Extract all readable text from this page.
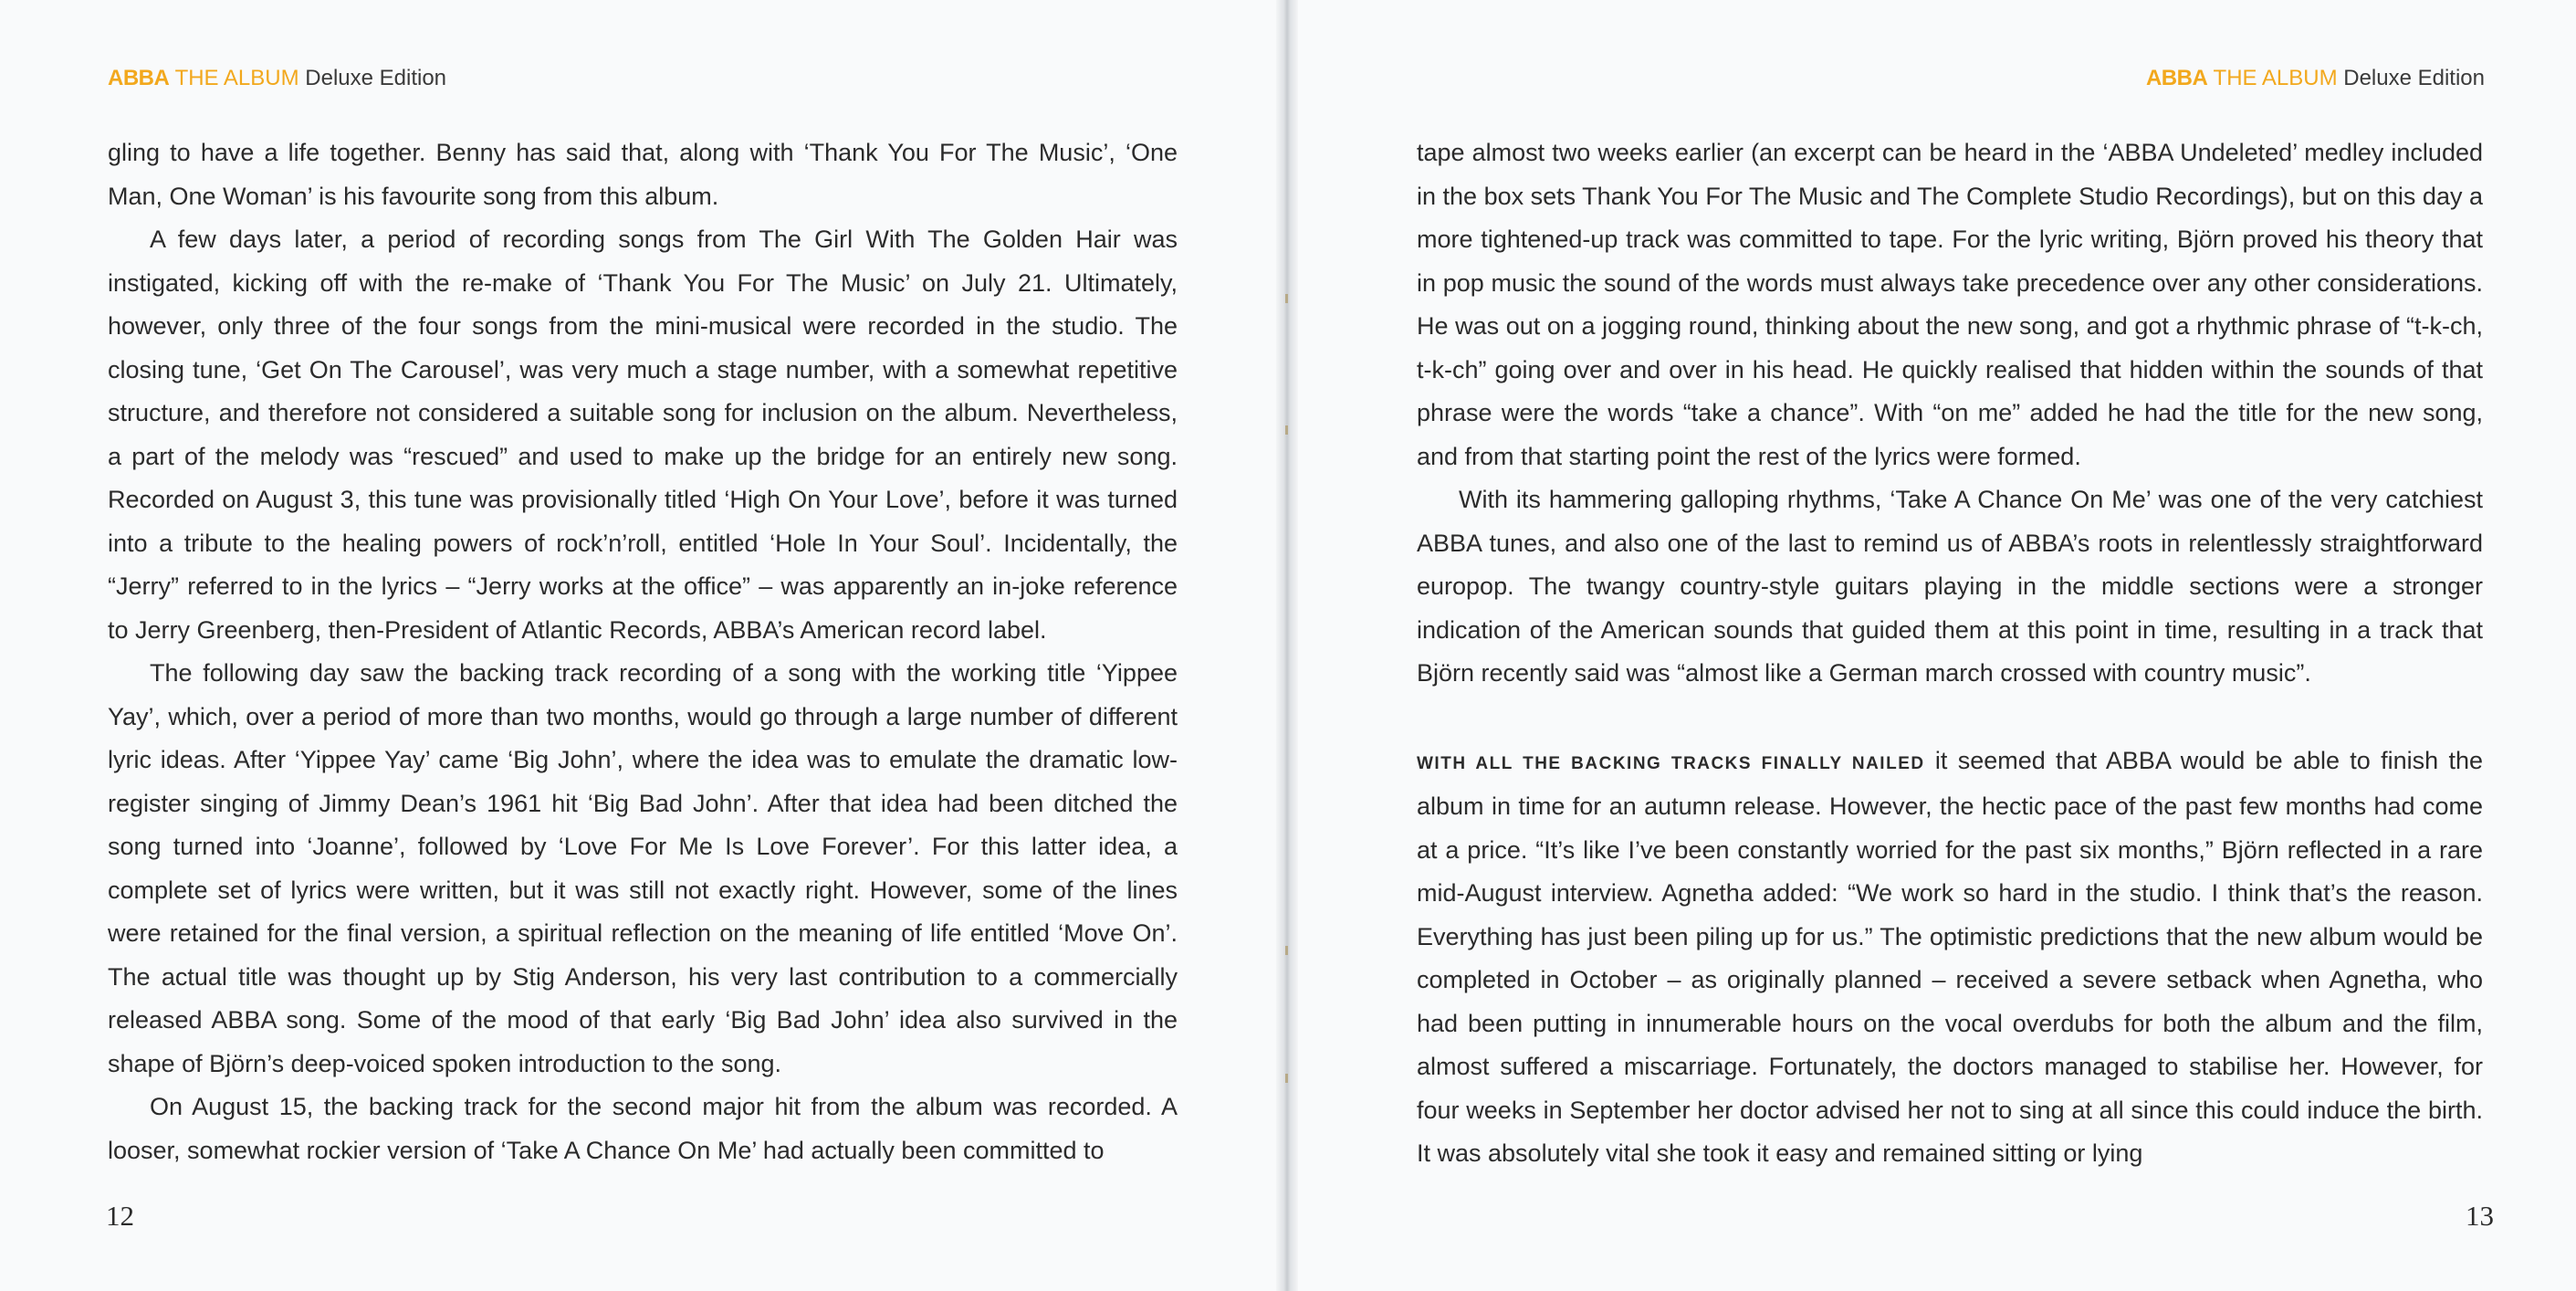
ABBA THE ALBUM Deluxe Edition

gling to have a life together. Benny has said that, along with ‘Thank You For The Music’, ‘One Man, One Woman’ is his favourite song from this album.

A few days later, a period of recording songs from The Girl With The Golden Hair was instigated, kicking off with the re-make of ‘Thank You For The Music’ on July 21. Ultimately, however, only three of the four songs from the mini-musical were recorded in the studio. The closing tune, ‘Get On The Carousel’, was very much a stage number, with a somewhat repetitive structure, and therefore not considered a suitable song for inclusion on the album. Nevertheless, a part of the melody was “rescued” and used to make up the bridge for an entirely new song. Recorded on August 3, this tune was provisionally titled ‘High On Your Love’, before it was turned into a tribute to the healing powers of rock’n’roll, entitled ‘Hole In Your Soul’. Incidentally, the “Jerry” referred to in the lyrics – “Jerry works at the office” – was apparently an in-joke reference to Jerry Greenberg, then-President of Atlantic Records, ABBA’s American record label.

The following day saw the backing track recording of a song with the working title ‘Yippee Yay’, which, over a period of more than two months, would go through a large number of different lyric ideas. After ‘Yippee Yay’ came ‘Big John’, where the idea was to emulate the dramatic low-register singing of Jimmy Dean’s 1961 hit ‘Big Bad John’. After that idea had been ditched the song turned into ‘Joanne’, followed by ‘Love For Me Is Love Forever’. For this latter idea, a complete set of lyrics were written, but it was still not exactly right. However, some of the lines were retained for the final version, a spiritual reflection on the meaning of life entitled ‘Move On’. The actual title was thought up by Stig Anderson, his very last contribution to a commercially released ABBA song. Some of the mood of that early ‘Big Bad John’ idea also survived in the shape of Björn’s deep-voiced spoken introduction to the song.

On August 15, the backing track for the second major hit from the album was recorded. A looser, somewhat rockier version of ‘Take A Chance On Me’ had actually been committed to

12
ABBA THE ALBUM Deluxe Edition

tape almost two weeks earlier (an excerpt can be heard in the ‘ABBA Undeleted’ medley included in the box sets Thank You For The Music and The Complete Studio Recordings), but on this day a more tightened-up track was committed to tape. For the lyric writing, Björn proved his theory that in pop music the sound of the words must always take precedence over any other considerations. He was out on a jogging round, thinking about the new song, and got a rhythmic phrase of “t-k-ch, t-k-ch” going over and over in his head. He quickly realised that hidden within the sounds of that phrase were the words “take a chance”. With “on me” added he had the title for the new song, and from that starting point the rest of the lyrics were formed.

With its hammering galloping rhythms, ‘Take A Chance On Me’ was one of the very catchiest ABBA tunes, and also one of the last to remind us of ABBA’s roots in relentlessly straightforward europop. The twangy country-style guitars playing in the middle sections were a stronger indication of the American sounds that guided them at this point in time, resulting in a track that Björn recently said was “almost like a German march crossed with country music”.

WITH ALL THE BACKING TRACKS FINALLY NAILED it seemed that ABBA would be able to finish the album in time for an autumn release. However, the hectic pace of the past few months had come at a price. “It’s like I’ve been constantly worried for the past six months,” Björn reflected in a rare mid-August interview. Agnetha added: “We work so hard in the studio. I think that’s the reason. Everything has just been piling up for us.” The optimistic predictions that the new album would be completed in October – as originally planned – received a severe setback when Agnetha, who had been putting in innumerable hours on the vocal overdubs for both the album and the film, almost suffered a miscarriage. Fortunately, the doctors managed to stabilise her. However, for four weeks in September her doctor advised her not to sing at all since this could induce the birth. It was absolutely vital she took it easy and remained sitting or lying

13
